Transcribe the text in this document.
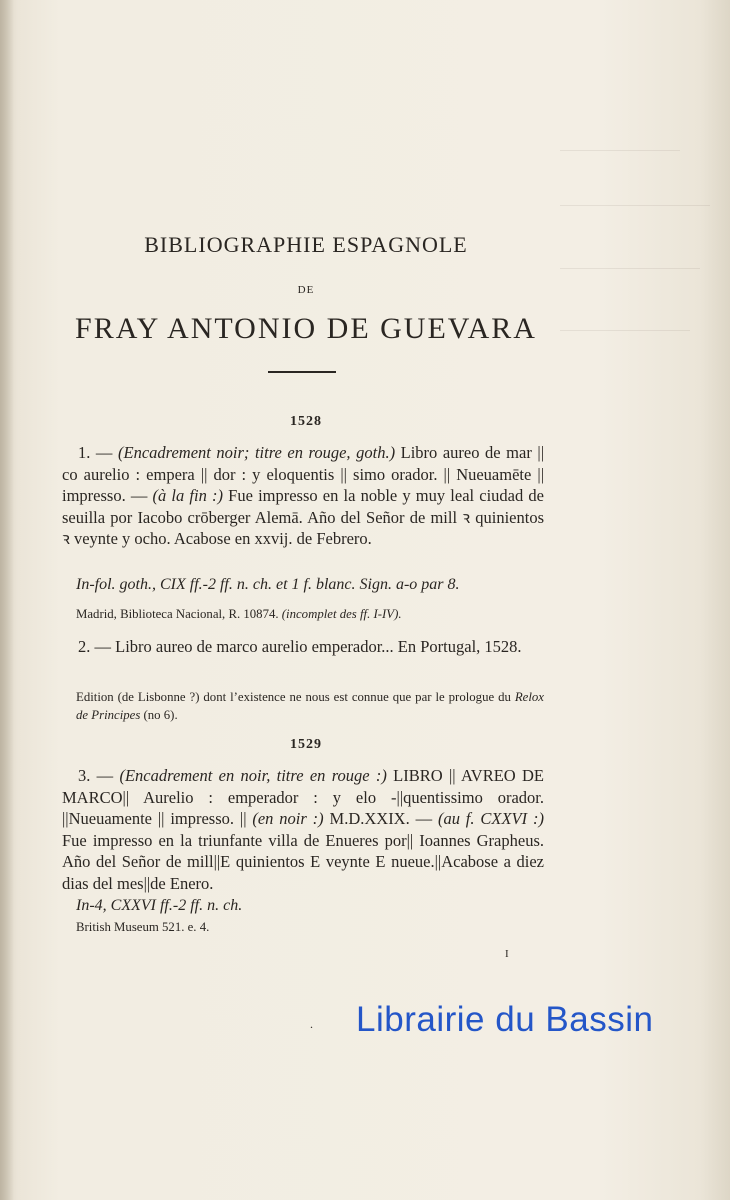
BIBLIOGRAPHIE ESPAGNOLE
DE
FRAY ANTONIO DE GUEVARA
1528

1. — (Encadrement noir; titre en rouge, goth.) Libro aureo de mar || co aurelio : empera || dor : y eloquentis || simo orador. || Nueuamēte || impresso. — (à la fin :) Fue impresso en la noble y muy leal ciudad de seuilla por Iacobo crōberger Alemā. Año del Señor de mill ꝛ quinientos ꝛ veynte y ocho. Acabose en xxvij. de Febrero.

In-fol. goth., CIX ff.-2 ff. n. ch. et 1 f. blanc. Sign. a-o par 8.
Madrid, Biblioteca Nacional, R. 10874. (incomplet des ff. I-IV).

2. — Libro aureo de marco aurelio emperador... En Portugal, 1528.

Edition (de Lisbonne ?) dont l’existence ne nous est connue que par le prologue du Relox de Principes (no 6).
1529

3. — (Encadrement en noir, titre en rouge :) LIBRO || AVREO DE MARCO|| Aurelio : emperador : y elo -||quentissimo orador. ||Nueuamente || impresso. || (en noir :) M.D.XXIX. — (au f. CXXVI :) Fue impresso en la triunfante villa de Enueres por|| Ioannes Grapheus. Año del Señor de mill||E quinientos E veynte E nueue.||Acabose a diez dias del mes||de Enero.

In-4, CXXVI ff.-2 ff. n. ch.
British Museum 521. e. 4.
I
. Librairie du Bassin
